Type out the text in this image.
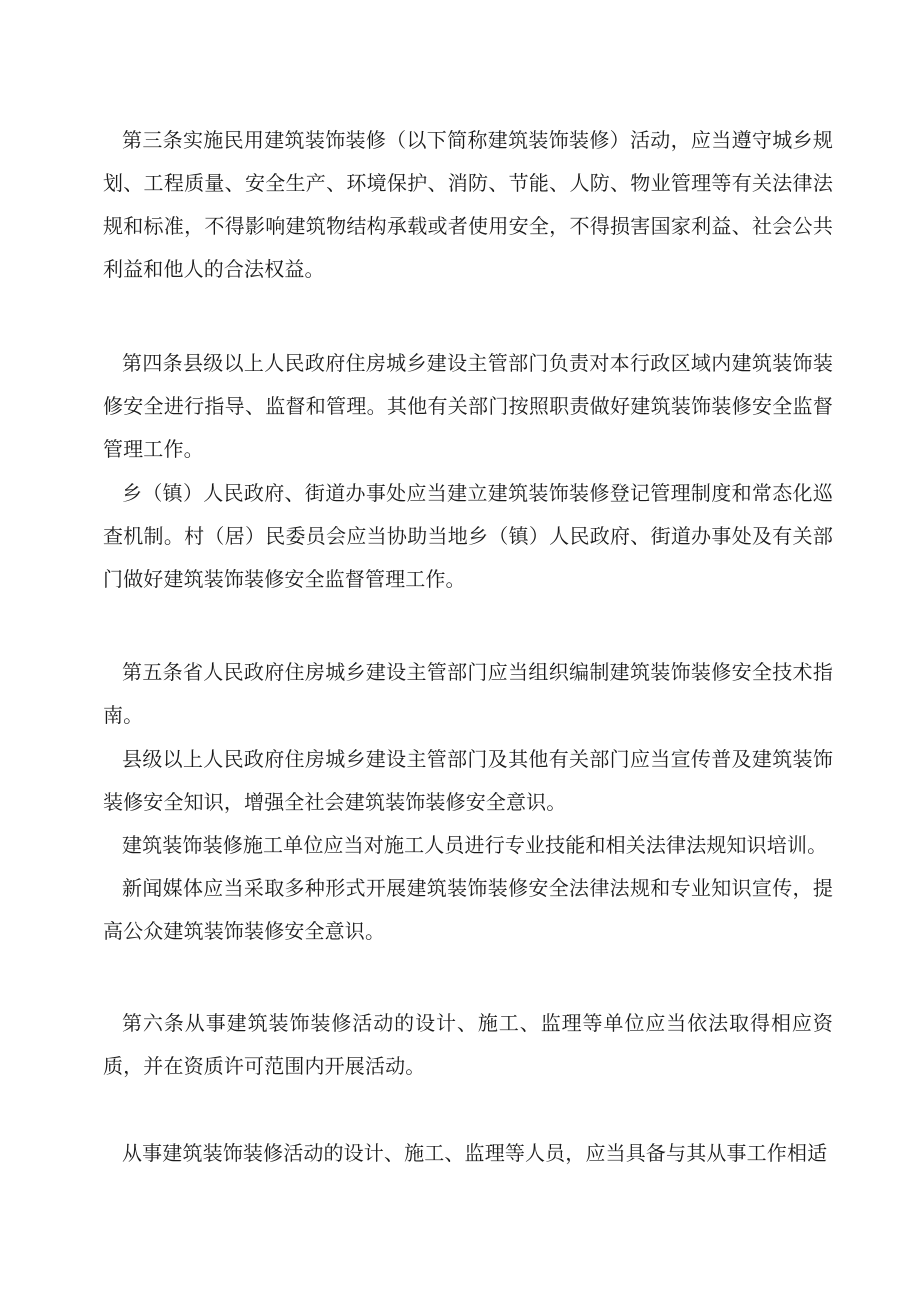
第三条实施民用建筑装饰装修（以下简称建筑装饰装修）活动，应当遵守城乡规划、工程质量、安全生产、环境保护、消防、节能、人防、物业管理等有关法律法规和标准，不得影响建筑物结构承载或者使用安全，不得损害国家利益、社会公共利益和他人的合法权益。

第四条县级以上人民政府住房城乡建设主管部门负责对本行政区域内建筑装饰装修安全进行指导、监督和管理。其他有关部门按照职责做好建筑装饰装修安全监督管理工作。

乡（镇）人民政府、街道办事处应当建立建筑装饰装修登记管理制度和常态化巡查机制。村（居）民委员会应当协助当地乡（镇）人民政府、街道办事处及有关部门做好建筑装饰装修安全监督管理工作。

第五条省人民政府住房城乡建设主管部门应当组织编制建筑装饰装修安全技术指南。

县级以上人民政府住房城乡建设主管部门及其他有关部门应当宣传普及建筑装饰装修安全知识，增强全社会建筑装饰装修安全意识。

建筑装饰装修施工单位应当对施工人员进行专业技能和相关法律法规知识培训。

新闻媒体应当采取多种形式开展建筑装饰装修安全法律法规和专业知识宣传，提高公众建筑装饰装修安全意识。

第六条从事建筑装饰装修活动的设计、施工、监理等单位应当依法取得相应资质，并在资质许可范围内开展活动。

从事建筑装饰装修活动的设计、施工、监理等人员，应当具备与其从事工作相适
